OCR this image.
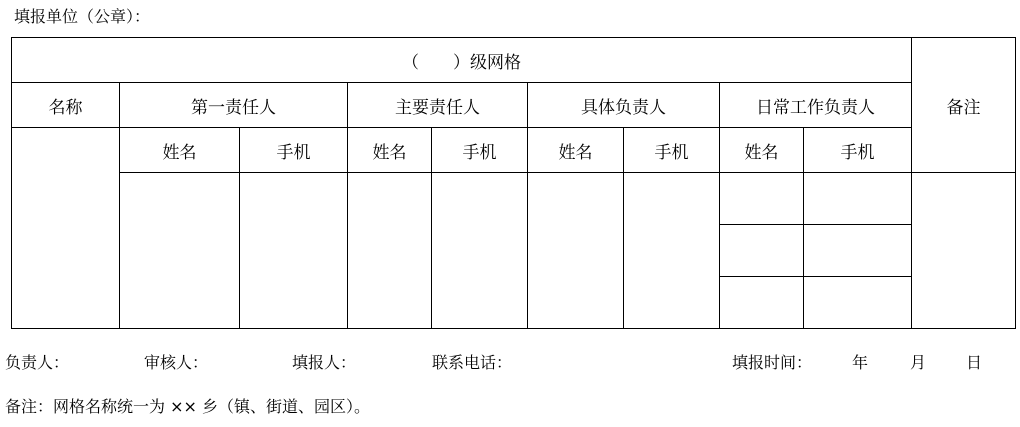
填报单位（公章）：
（　　）级网格									备注
名称	第一责任人		主要责任人		具体负责人		日常工作负责人		
	姓名	手机	姓名	手机	姓名	手机	姓名	手机	

负责人：	审核人：	填报人：	联系电话：	填报时间： 年	月 日
备注：网格名称统一为 ×× 乡（镇、街道、园区）。
